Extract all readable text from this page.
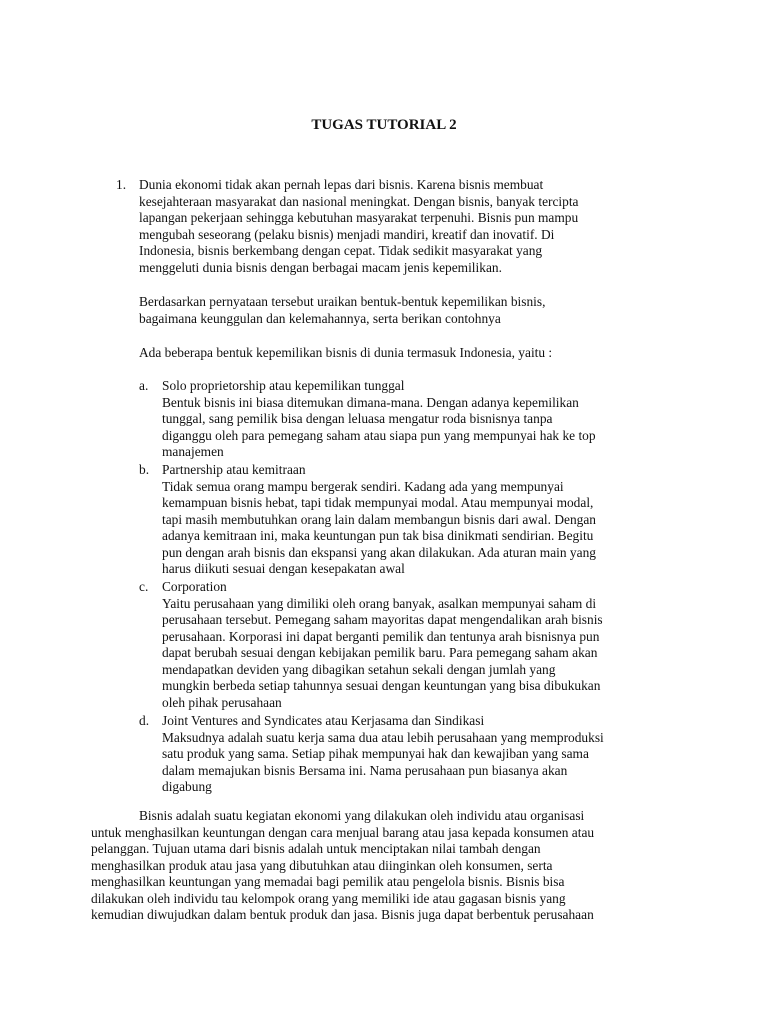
TUGAS TUTORIAL 2
1. Dunia ekonomi tidak akan pernah lepas dari bisnis. Karena bisnis membuat
kesejahteraan masyarakat dan nasional meningkat. Dengan bisnis, banyak tercipta
lapangan pekerjaan sehingga kebutuhan masyarakat terpenuhi. Bisnis pun mampu
mengubah seseorang (pelaku bisnis) menjadi mandiri, kreatif dan inovatif. Di
Indonesia, bisnis berkembang dengan cepat. Tidak sedikit masyarakat yang
menggeluti dunia bisnis dengan berbagai macam jenis kepemilikan.
Berdasarkan pernyataan tersebut uraikan bentuk-bentuk kepemilikan bisnis,
bagaimana keunggulan dan kelemahannya, serta berikan contohnya
Ada beberapa bentuk kepemilikan bisnis di dunia termasuk Indonesia, yaitu :
a. Solo proprietorship atau kepemilikan tunggal
Bentuk bisnis ini biasa ditemukan dimana-mana. Dengan adanya kepemilikan
tunggal, sang pemilik bisa dengan leluasa mengatur roda bisnisnya tanpa
diganggu oleh para pemegang saham atau siapa pun yang mempunyai hak ke top
manajemen
b. Partnership atau kemitraan
Tidak semua orang mampu bergerak sendiri. Kadang ada yang mempunyai
kemampuan bisnis hebat, tapi tidak mempunyai modal. Atau mempunyai modal,
tapi masih membutuhkan orang lain dalam membangun bisnis dari awal. Dengan
adanya kemitraan ini, maka keuntungan pun tak bisa dinikmati sendirian. Begitu
pun dengan arah bisnis dan ekspansi yang akan dilakukan. Ada aturan main yang
harus diikuti sesuai dengan kesepakatan awal
c. Corporation
Yaitu perusahaan yang dimiliki oleh orang banyak, asalkan mempunyai saham di
perusahaan tersebut. Pemegang saham mayoritas dapat mengendalikan arah bisnis
perusahaan. Korporasi ini dapat berganti pemilik dan tentunya arah bisnisnya pun
dapat berubah sesuai dengan kebijakan pemilik baru. Para pemegang saham akan
mendapatkan deviden yang dibagikan setahun sekali dengan jumlah yang
mungkin berbeda setiap tahunnya sesuai dengan keuntungan yang bisa dibukukan
oleh pihak perusahaan
d. Joint Ventures and Syndicates atau Kerjasama dan Sindikasi
Maksudnya adalah suatu kerja sama dua atau lebih perusahaan yang memproduksi
satu produk yang sama. Setiap pihak mempunyai hak dan kewajiban yang sama
dalam memajukan bisnis Bersama ini. Nama perusahaan pun biasanya akan
digabung
Bisnis adalah suatu kegiatan ekonomi yang dilakukan oleh individu atau organisasi
untuk menghasilkan keuntungan dengan cara menjual barang atau jasa kepada konsumen atau
pelanggan. Tujuan utama dari bisnis adalah untuk menciptakan nilai tambah dengan
menghasilkan produk atau jasa yang dibutuhkan atau diinginkan oleh konsumen, serta
menghasilkan keuntungan yang memadai bagi pemilik atau pengelola bisnis. Bisnis bisa
dilakukan oleh individu tau kelompok orang yang memiliki ide atau gagasan bisnis yang
kemudian diwujudkan dalam bentuk produk dan jasa. Bisnis juga dapat berbentuk perusahaan
